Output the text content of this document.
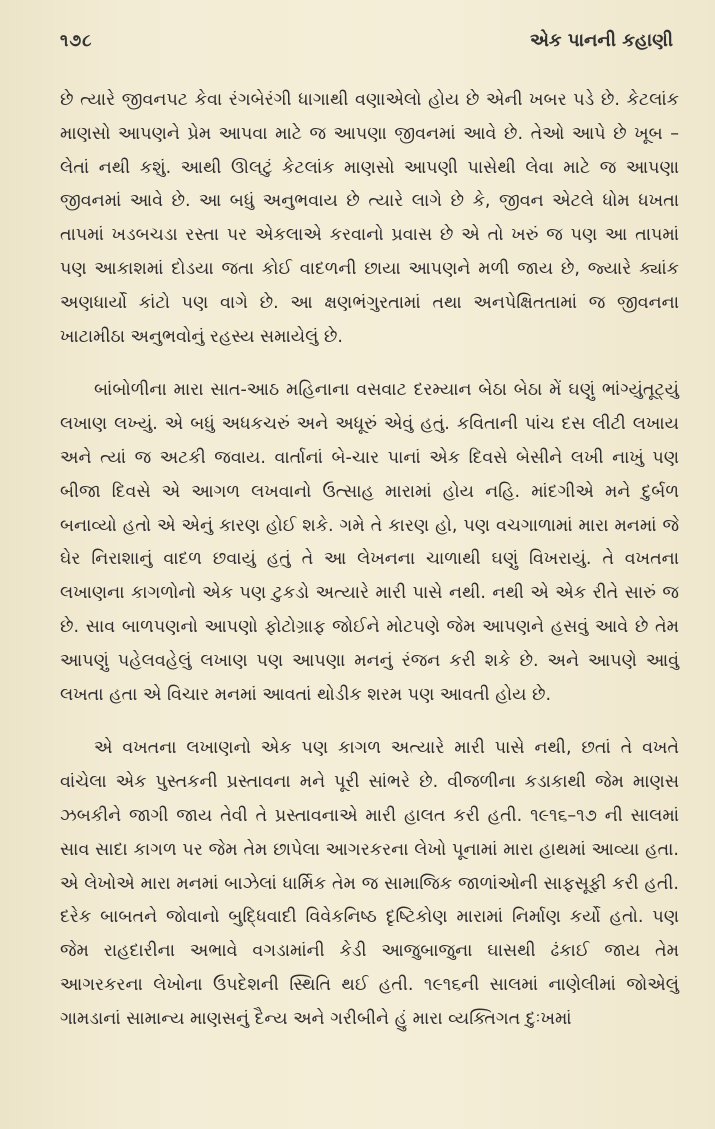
૧૭૮	એક પાનની કહાણી

છે ત્યારે જીવનપટ કેવા રંગબેરંગી ધાગાથી વણાએલો હોય છે એની ખબર પડે છે. કેટલાંક માણસો આપણને પ્રેમ આપવા માટે જ આપણા જીવનમાં આવે છે. તેઓ આપે છે ખૂબ – લેતાં નથી કશું. આથી ઊલટું કેટલાંક માણસો આપણી પાસેથી લેવા માટે જ આપણા જીવનમાં આવે છે. આ બધું અનુભવાય છે ત્યારે લાગે છે કે, જીવન એટલે ધોમ ધખતા તાપમાં ખડબચડા રસ્તા પર એકલાએ કરવાનો પ્રવાસ છે એ તો ખરું જ પણ આ તાપમાં પણ આકાશમાં દોડયા જતા કોઈ વાદળની છાયા આપણને મળી જાય છે, જ્યારે ક્યાંક અણધાર્યો કાંટો પણ વાગે છે. આ ક્ષણભંગુરતામાં તથા અનપેક્ષિતતામાં જ જીવનના ખાટામીઠા અનુભવોનું રહસ્ય સમાયેલું છે.

બાંબોળીના મારા સાત-આઠ મહિનાના વસવાટ દરમ્યાન બેઠા બેઠા મેં ઘણું ભાંગ્યુંતૂટ્યું લખાણ લખ્યું. એ બધું અધકચરું અને અધૂરું એવું હતું. કવિતાની પાંચ દસ લીટી લખાય અને ત્યાં જ અટકી જવાય. વાર્તાનાં બે-ચાર પાનાં એક દિવસે બેસીને લખી નાખું પણ બીજા દિવસે એ આગળ લખવાનો ઉત્સાહ મારામાં હોય નહિ. માંદગીએ મને દુર્બળ બનાવ્યો હતો એ એનું કારણ હોઈ શકે. ગમે તે કારણ હો, પણ વચગાળામાં મારા મનમાં જે ઘેર નિરાશાનું વાદળ છવાયું હતું તે આ લેખનના ચાળાથી ઘણું વિખરાયું. તે વખતના લખાણના કાગળોનો એક પણ ટુકડો અત્યારે મારી પાસે નથી. નથી એ એક રીતે સારું જ છે. સાવ બાળપણનો આપણો ફોટોગ્રાફ જોઈને મોટપણે જેમ આપણને હસવું આવે છે તેમ આપણું પહેલવહેલું લખાણ પણ આપણા મનનું રંજન કરી શકે છે. અને આપણે આવું લખતા હતા એ વિચાર મનમાં આવતાં થોડીક શરમ પણ આવતી હોય છે.

એ વખતના લખાણનો એક પણ કાગળ અત્યારે મારી પાસે નથી, છતાં તે વખતે વાંચેલા એક પુસ્તકની પ્રસ્તાવના મને પૂરી સાંભરે છે. વીજળીના કડાકાથી જેમ માણસ ઝબકીને જાગી જાય તેવી તે પ્રસ્તાવનાએ મારી હાલત કરી હતી. ૧૯૧૬–૧૭ ની સાલમાં સાવ સાદા કાગળ પર જેમ તેમ છાપેલા આગરકરના લેખો પૂનામાં મારા હાથમાં આવ્યા હતા. એ લેખોએ મારા મનમાં બાઝેલાં ધાર્મિક તેમ જ સામાજિક જાળાંઓની સાફસૂફી કરી હતી. દરેક બાબતને જોવાનો બુદ્ધિવાદી વિવેકનિષ્ઠ દૃષ્ટિકોણ મારામાં નિર્માણ કર્યો હતો. પણ જેમ રાહદારીના અભાવે વગડામાંની કેડી આજુબાજુના ઘાસથી ઢંકાઈ જાય તેમ આગરકરના લેખોના ઉપદેશની સ્થિતિ થઈ હતી. ૧૯૧૬ની સાલમાં નાણેલીમાં જોએલું ગામડાનાં સામાન્ય માણસનું દૈન્ય અને ગરીબીને હું મારા વ્યક્તિગત દુઃખમાં
